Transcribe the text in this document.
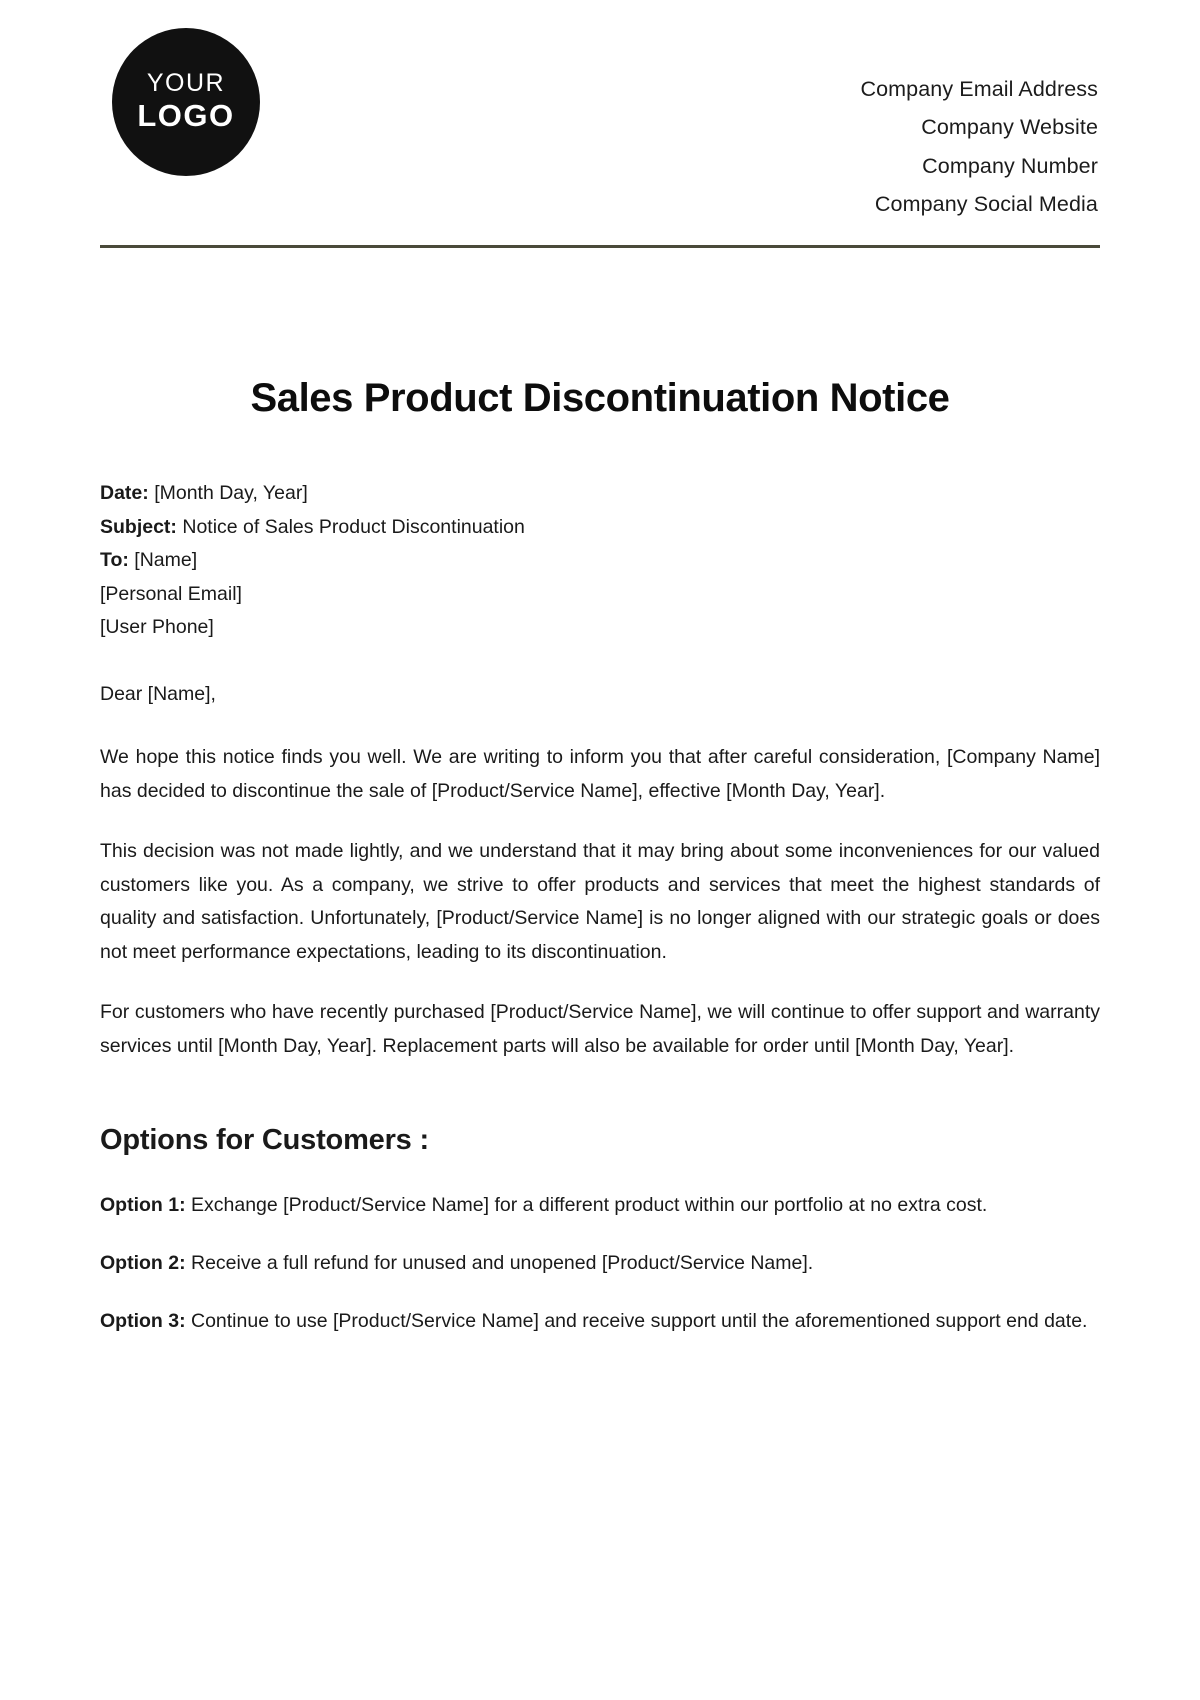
YOUR
LOGO
Company Email Address
Company Website
Company Number
Company Social Media
Sales Product Discontinuation Notice
Date: [Month Day, Year]
Subject: Notice of Sales Product Discontinuation
To: [Name]
[Personal Email]
[User Phone]
Dear [Name],

We hope this notice finds you well. We are writing to inform you that after careful consideration, [Company Name] has decided to discontinue the sale of [Product/Service Name], effective [Month Day, Year].

This decision was not made lightly, and we understand that it may bring about some inconveniences for our valued customers like you. As a company, we strive to offer products and services that meet the highest standards of quality and satisfaction. Unfortunately, [Product/Service Name] is no longer aligned with our strategic goals or does not meet performance expectations, leading to its discontinuation.

For customers who have recently purchased [Product/Service Name], we will continue to offer support and warranty services until [Month Day, Year]. Replacement parts will also be available for order until [Month Day, Year].

Options for Customers :

Option 1: Exchange [Product/Service Name] for a different product within our portfolio at no extra cost.

Option 2: Receive a full refund for unused and unopened [Product/Service Name].

Option 3: Continue to use [Product/Service Name] and receive support until the aforementioned support end date.
